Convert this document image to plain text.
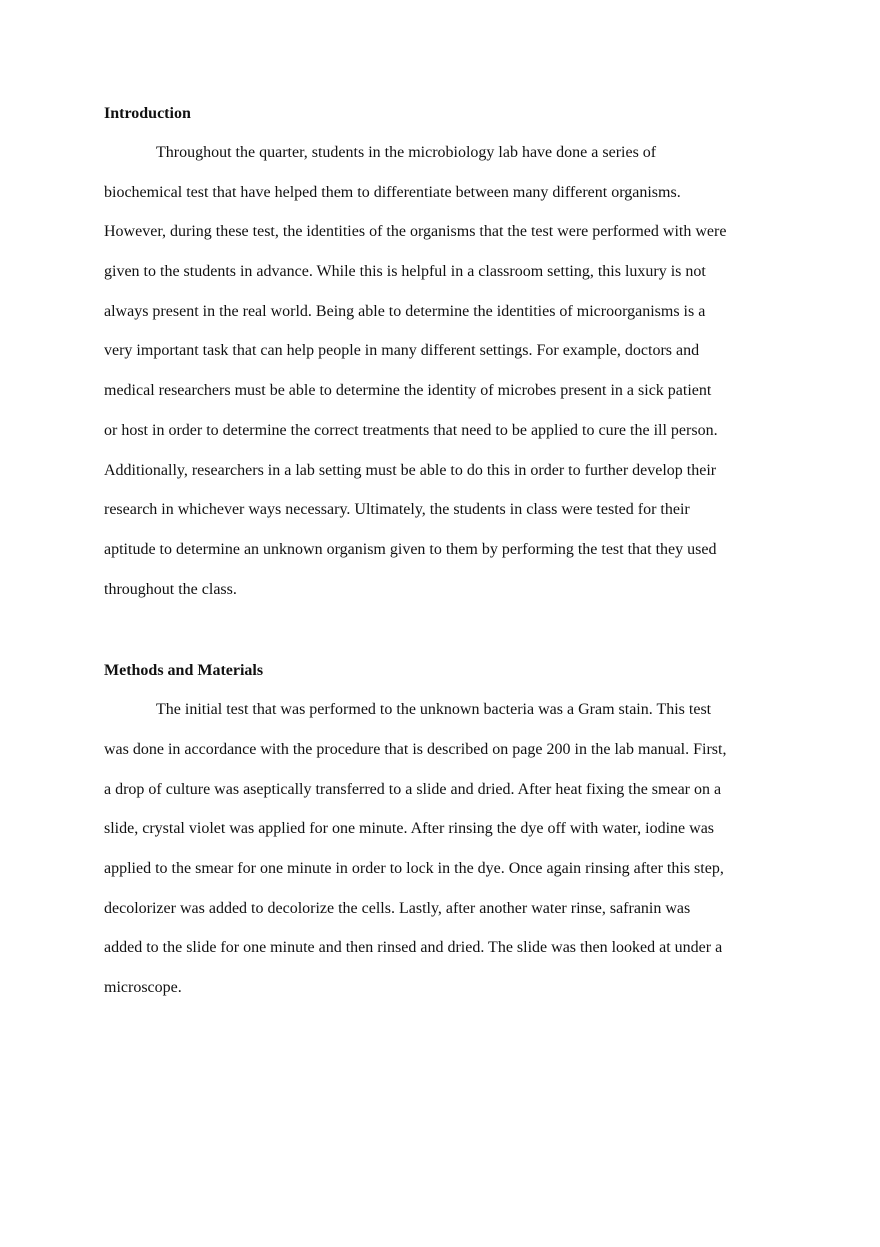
Introduction
Throughout the quarter, students in the microbiology lab have done a series of
biochemical test that have helped them to differentiate between many different organisms.
However, during these test, the identities of the organisms that the test were performed with were
given to the students in advance. While this is helpful in a classroom setting, this luxury is not
always present in the real world. Being able to determine the identities of microorganisms is a
very important task that can help people in many different settings. For example, doctors and
medical researchers must be able to determine the identity of microbes present in a sick patient
or host in order to determine the correct treatments that need to be applied to cure the ill person.
Additionally, researchers in a lab setting must be able to do this in order to further develop their
research in whichever ways necessary. Ultimately, the students in class were tested for their
aptitude to determine an unknown organism given to them by performing the test that they used
throughout the class.
Methods and Materials
The initial test that was performed to the unknown bacteria was a Gram stain. This test
was done in accordance with the procedure that is described on page 200 in the lab manual. First,
a drop of culture was aseptically transferred to a slide and dried. After heat fixing the smear on a
slide, crystal violet was applied for one minute. After rinsing the dye off with water, iodine was
applied to the smear for one minute in order to lock in the dye. Once again rinsing after this step,
decolorizer was added to decolorize the cells. Lastly, after another water rinse, safranin was
added to the slide for one minute and then rinsed and dried. The slide was then looked at under a
microscope.
